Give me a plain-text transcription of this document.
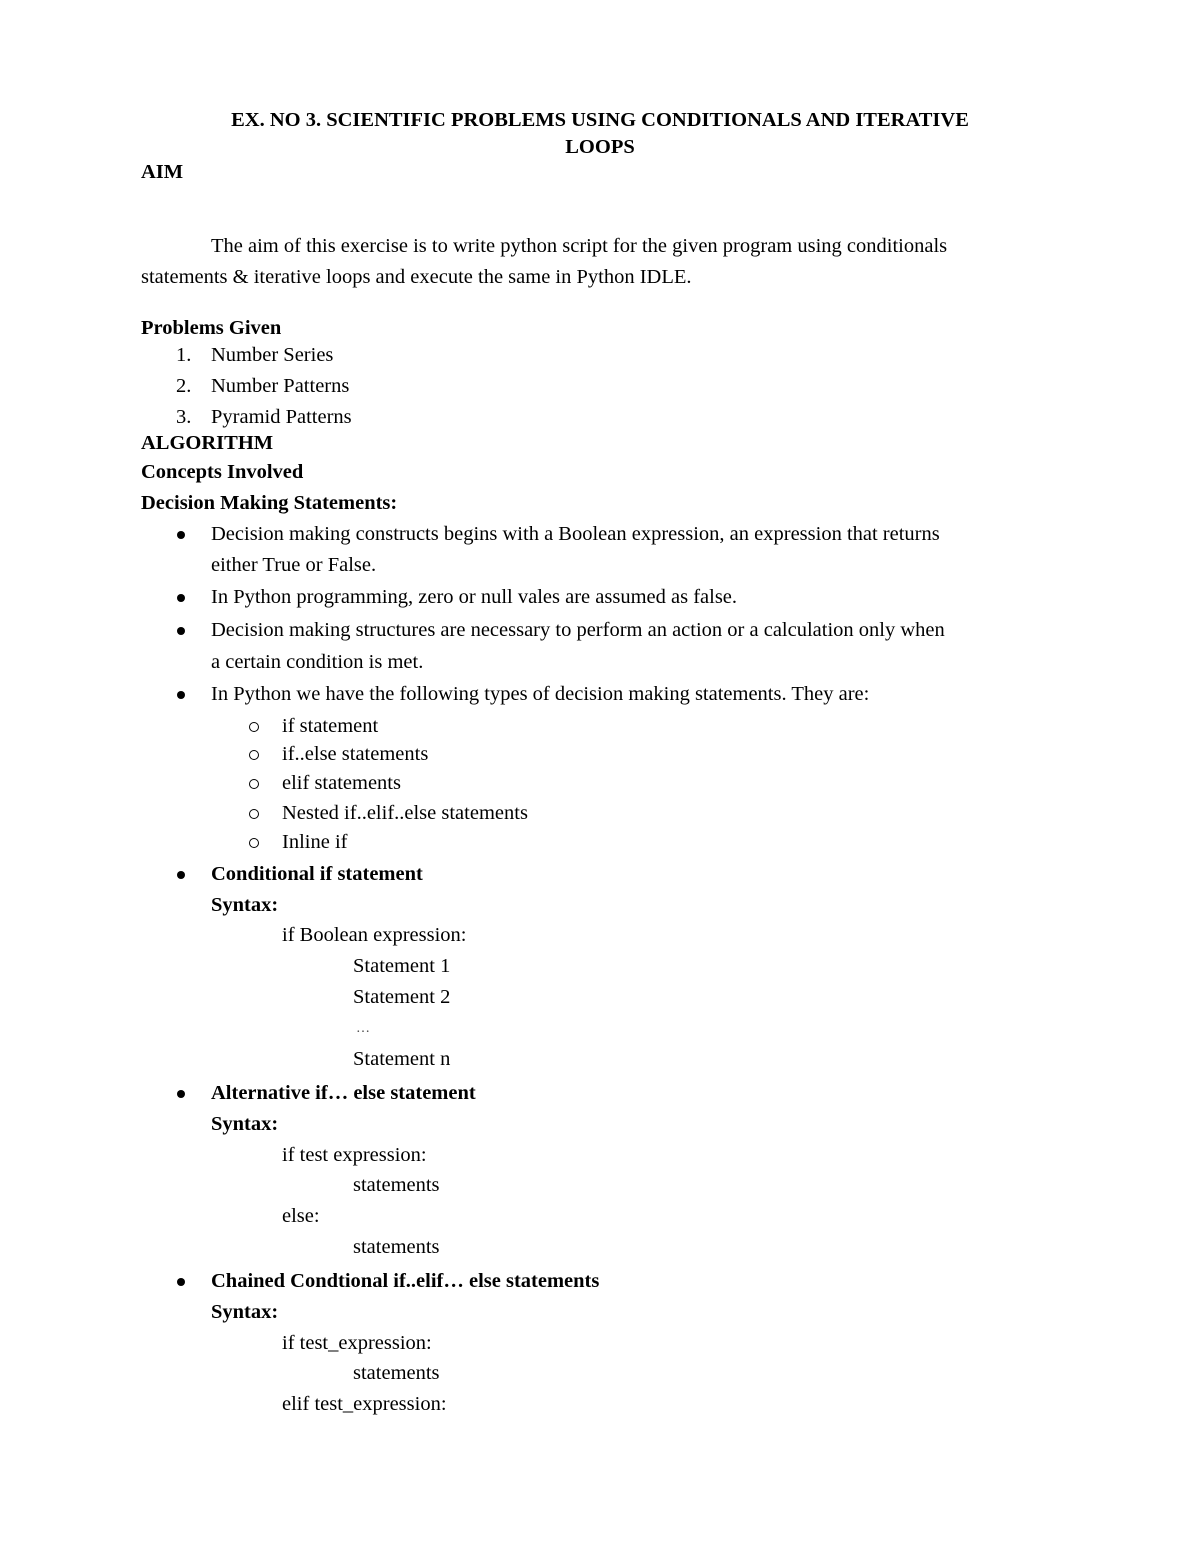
EX. NO 3. SCIENTIFIC PROBLEMS USING CONDITIONALS AND ITERATIVE
LOOPS
AIM
The aim of this exercise is to write python script for the given program using conditionals
statements & iterative loops and execute the same in Python IDLE.
Problems Given
1. Number Series
2. Number Patterns
3. Pyramid Patterns
ALGORITHM
Concepts Involved
Decision Making Statements:
Decision making constructs begins with a Boolean expression, an expression that returns
either True or False.
In Python programming, zero or null vales are assumed as false.
Decision making structures are necessary to perform an action or a calculation only when
a certain condition is met.
In Python we have the following types of decision making statements. They are:
if statement
if..else statements
elif statements
Nested if..elif..else statements
Inline if
Conditional if statement
Syntax:
if Boolean expression:
Statement 1
Statement 2
…
Statement n
Alternative if… else statement
Syntax:
if test expression:
statements
else:
statements
Chained Condtional if..elif… else statements
Syntax:
if test_expression:
statements
elif test_expression:
